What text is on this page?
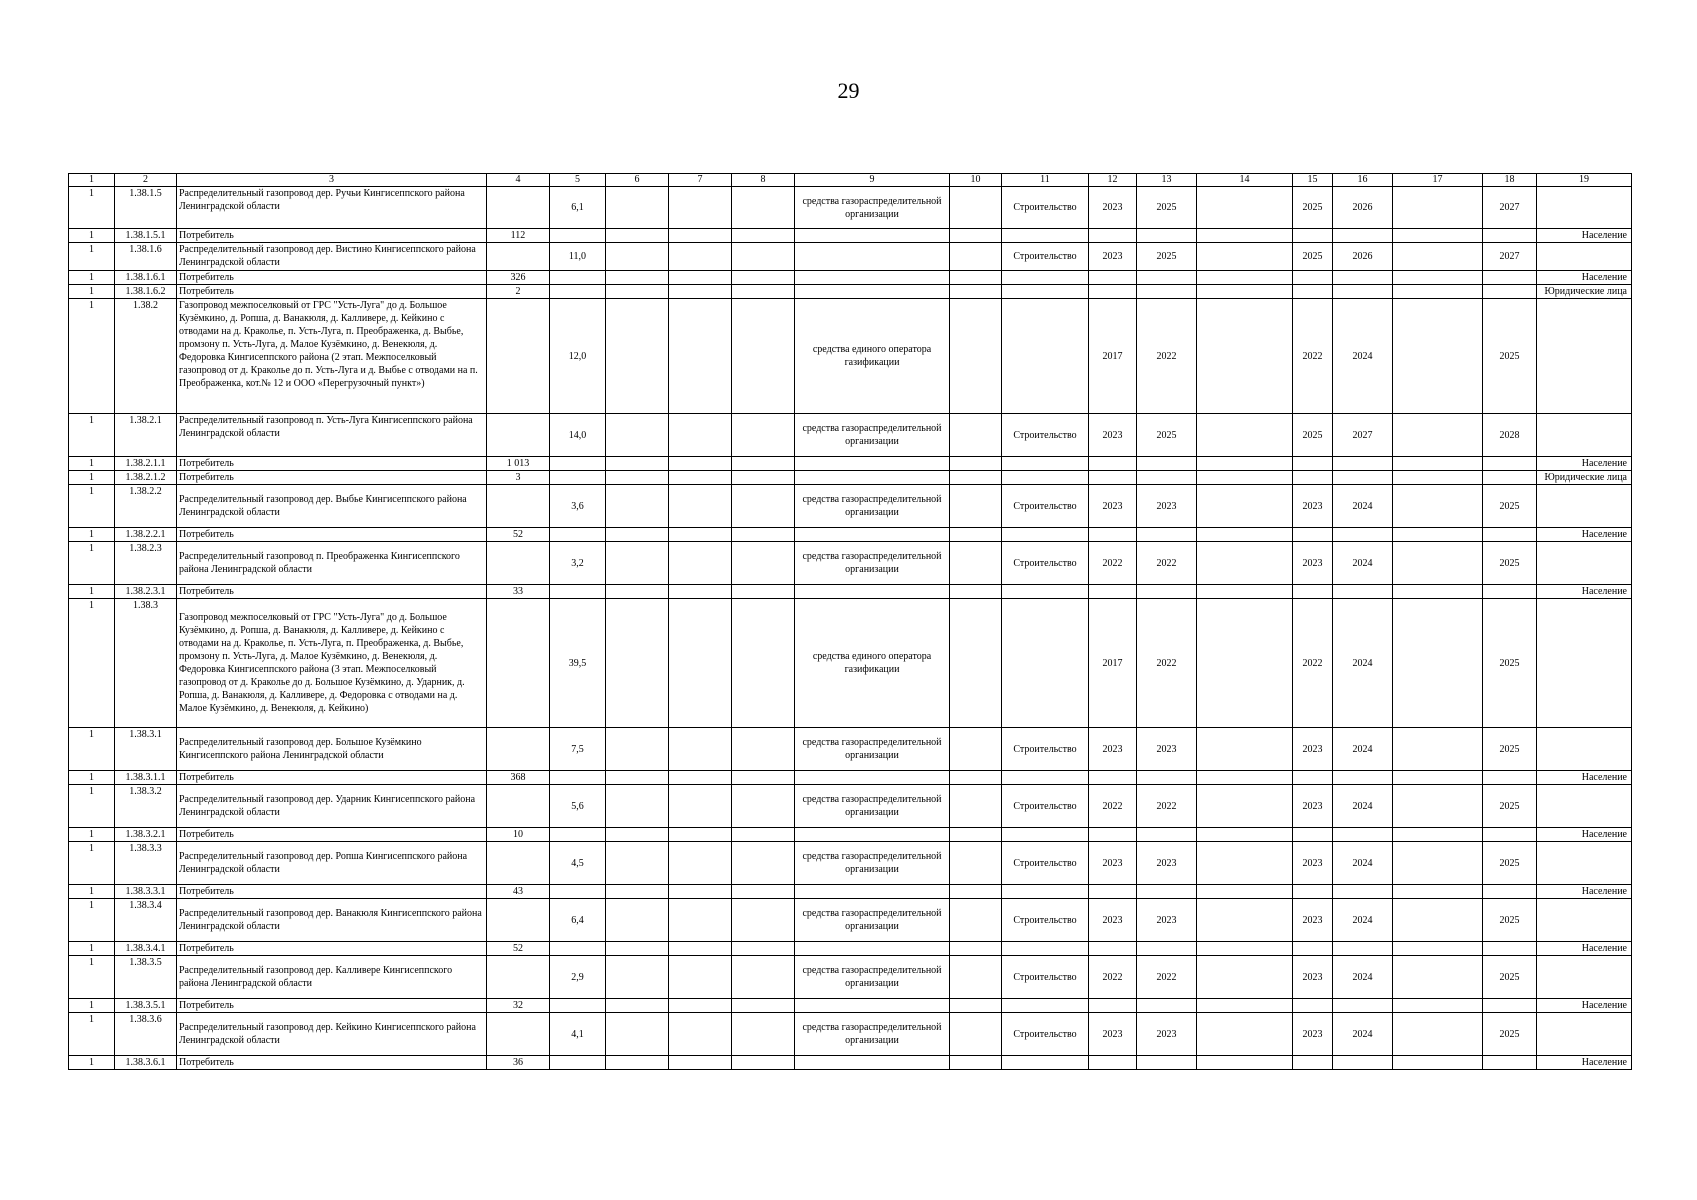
29
1	2	3	4	5	6	7	8	9	10	11	12	13	14	15	16	17	18	19
1	1.38.1.5	Распределительный газопровод дер. Ручьи Кингисеппского района Ленинградской области		6,1				средства газораспределительной организации		Строительство	2023	2025		2025	2026		2027	
1	1.38.1.5.1	Потребитель	112															Население
1	1.38.1.6	Распределительный газопровод дер. Вистино Кингисеппского района Ленинградской области		11,0						Строительство	2023	2025		2025	2026		2027	
1	1.38.1.6.1	Потребитель	326															Население
1	1.38.1.6.2	Потребитель	2															Юридические лица
1	1.38.2	Газопровод межпоселковый от ГРС "Усть-Луга" до д. Большое Кузёмкино, д. Ропша, д. Ванакюля, д. Калливере, д. Кейкино с отводами на д. Краколье, п. Усть-Луга, п. Преображенка, д. Выбье, промзону п. Усть-Луга, д. Малое Кузёмкино, д. Венекюля, д. Федоровка Кингисеппского района (2 этап. Межпоселковый газопровод от д. Краколье до п. Усть-Луга и д. Выбье с отводами на п. Преображенка, кот.№ 12 и ООО «Перегрузочный пункт»)		12,0				средства единого оператора газификации			2017	2022		2022	2024		2025	
1	1.38.2.1	Распределительный газопровод п. Усть-Луга Кингисеппского района Ленинградской области		14,0				средства газораспределительной организации		Строительство	2023	2025		2025	2027		2028	
1	1.38.2.1.1	Потребитель	1 013															Население
1	1.38.2.1.2	Потребитель	3															Юридические лица
1	1.38.2.2	Распределительный газопровод дер. Выбье Кингисеппского района Ленинградской области		3,6				средства газораспределительной организации		Строительство	2023	2023		2023	2024		2025	
1	1.38.2.2.1	Потребитель	52															Население
1	1.38.2.3	Распределительный газопровод п. Преображенка Кингисеппского района Ленинградской области		3,2				средства газораспределительной организации		Строительство	2022	2022		2023	2024		2025	
1	1.38.2.3.1	Потребитель	33															Население
1	1.38.3	Газопровод межпоселковый от ГРС "Усть-Луга" до д. Большое Кузёмкино, д. Ропша, д. Ванакюля, д. Калливере, д. Кейкино с отводами на д. Краколье, п. Усть-Луга, п. Преображенка, д. Выбье, промзону п. Усть-Луга, д. Малое Кузёмкино, д. Венекюля, д. Федоровка Кингисеппского района (3 этап. Межпоселковый газопровод от д. Краколье до д. Большое Кузёмкино, д. Ударник, д. Ропша, д. Ванакюля, д. Калливере, д. Федоровка с отводами на д. Малое Кузёмкино, д. Венекюля, д. Кейкино)		39,5				средства единого оператора газификации			2017	2022		2022	2024		2025	
1	1.38.3.1	Распределительный газопровод дер. Большое Кузёмкино Кингисеппского района Ленинградской области		7,5				средства газораспределительной организации		Строительство	2023	2023		2023	2024		2025	
1	1.38.3.1.1	Потребитель	368															Население
1	1.38.3.2	Распределительный газопровод дер. Ударник Кингисеппского района Ленинградской области		5,6				средства газораспределительной организации		Строительство	2022	2022		2023	2024		2025	
1	1.38.3.2.1	Потребитель	10															Население
1	1.38.3.3	Распределительный газопровод дер. Ропша Кингисеппского района Ленинградской области		4,5				средства газораспределительной организации		Строительство	2023	2023		2023	2024		2025	
1	1.38.3.3.1	Потребитель	43															Население
1	1.38.3.4	Распределительный газопровод дер. Ванакюля Кингисеппского района Ленинградской области		6,4				средства газораспределительной организации		Строительство	2023	2023		2023	2024		2025	
1	1.38.3.4.1	Потребитель	52															Население
1	1.38.3.5	Распределительный газопровод дер. Калливере Кингисеппского района Ленинградской области		2,9				средства газораспределительной организации		Строительство	2022	2022		2023	2024		2025	
1	1.38.3.5.1	Потребитель	32															Население
1	1.38.3.6	Распределительный газопровод дер. Кейкино Кингисеппского района Ленинградской области		4,1				средства газораспределительной организации		Строительство	2023	2023		2023	2024		2025	
1	1.38.3.6.1	Потребитель	36															Население
